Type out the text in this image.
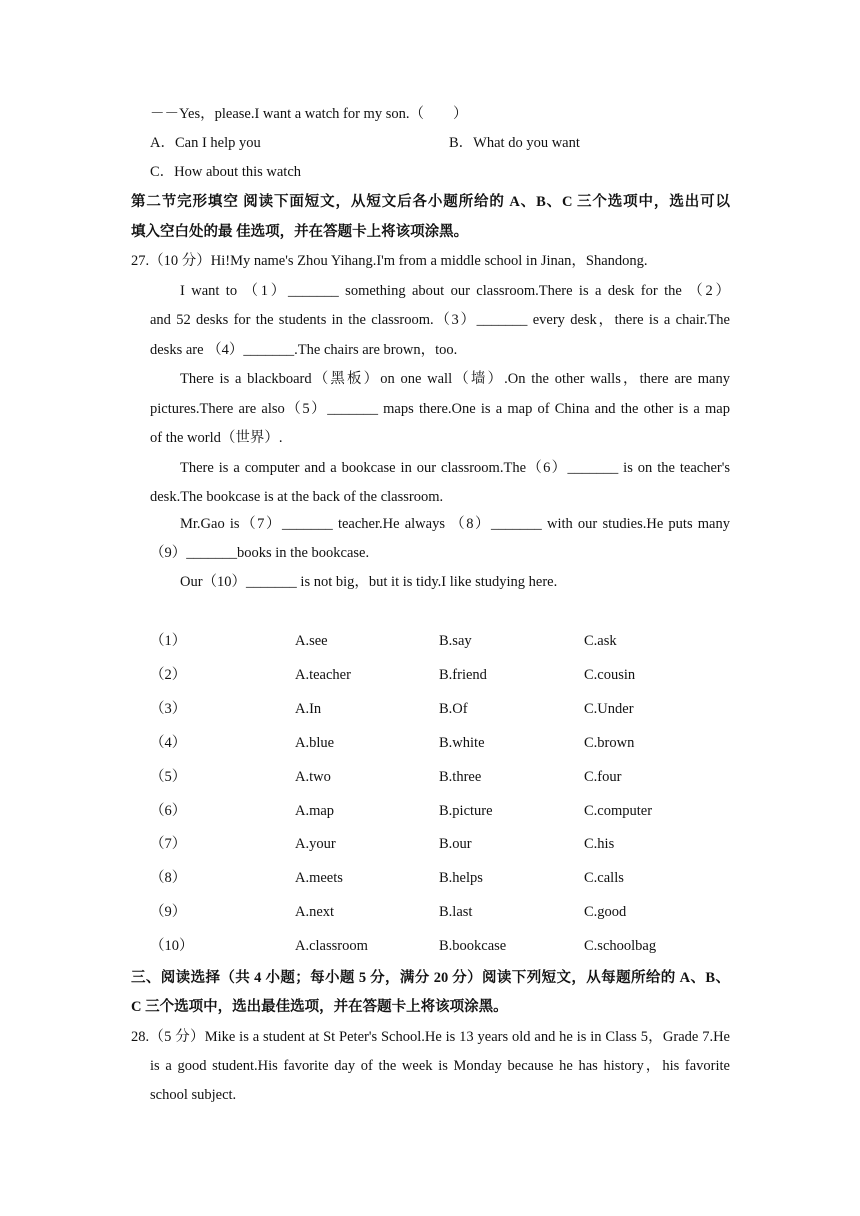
－－Yes，please.I want a watch for my son.（　　）
A．Can I help you	B．What do you want
C．How about this watch
第二节完形填空 阅读下面短文，从短文后各小题所给的 A、B、C 三个选项中，选出可以
填入空白处的最 佳选项，并在答题卡上将该项涂黑。
27.（10 分）Hi!My name's Zhou Yihang.I'm from a middle school in Jinan，Shandong.
I want to （1）_______ something about our classroom.There is a desk for the （2）
and 52 desks for the students in the classroom.（3）_______ every desk，there is a chair.The
desks are （4）_______.The chairs are brown，too.
There is a blackboard（黑板）on one wall（墙）.On the other walls，there are many
pictures.There are also（5）_______ maps there.One is a map of China and the other is a map
of the world（世界）.
There is a computer and a bookcase in our classroom.The（6）_______ is on the teacher's
desk.The bookcase is at the back of the classroom.
Mr.Gao is（7）_______ teacher.He always （8）_______ with our studies.He puts many
（9）_______books in the bookcase.
Our（10）_______ is not big，but it is tidy.I like studying here.
（1）	A.see	B.say	C.ask
（2）	A.teacher	B.friend	C.cousin
（3）	A.In	B.Of	C.Under
（4）	A.blue	B.white	C.brown
（5）	A.two	B.three	C.four
（6）	A.map	B.picture	C.computer
（7）	A.your	B.our	C.his
（8）	A.meets	B.helps	C.calls
（9）	A.next	B.last	C.good
（10）	A.classroom	B.bookcase	C.schoolbag
三、阅读选择（共 4 小题；每小题 5 分，满分 20 分）阅读下列短文，从每题所给的 A、B、
C 三个选项中，选出最佳选项，并在答题卡上将该项涂黑。
28.（5 分）Mike is a student at St Peter's School.He is 13 years old and he is in Class 5，Grade 7.He
is a good student.His favorite day of the week is Monday because he has history，his favorite
school subject.
